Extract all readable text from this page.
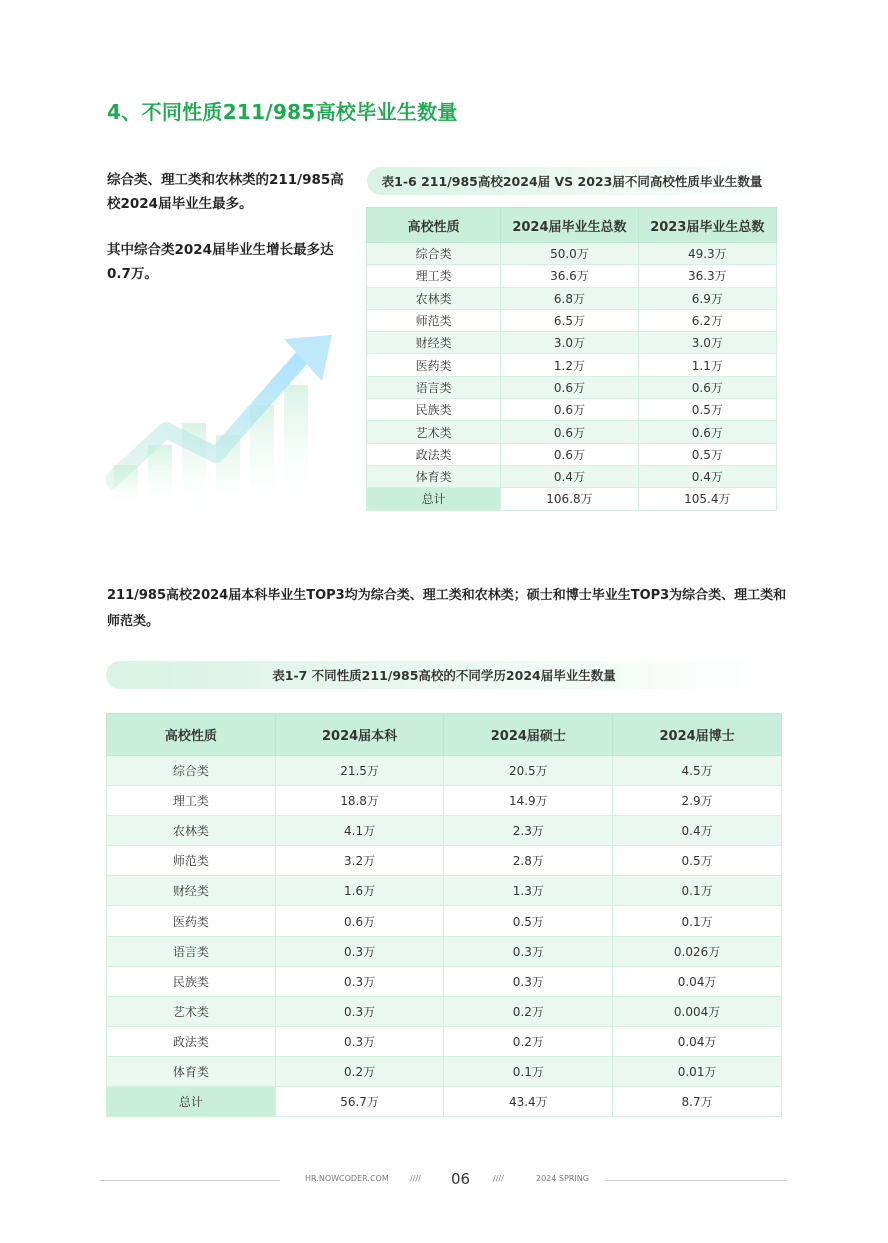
4、不同性质211/985高校毕业生数量

综合类、理工类和农林类的211/985高校2024届毕业生最多。

其中综合类2024届毕业生增长最多达0.7万。

表1-6 211/985高校2024届 VS 2023届不同高校性质毕业生数量
高校性质	2024届毕业生总数	2023届毕业生总数
综合类	50.0万	49.3万
理工类	36.6万	36.3万
农林类	6.8万	6.9万
师范类	6.5万	6.2万
财经类	3.0万	3.0万
医药类	1.2万	1.1万
语言类	0.6万	0.6万
民族类	0.6万	0.5万
艺术类	0.6万	0.6万
政法类	0.6万	0.5万
体育类	0.4万	0.4万
总计	106.8万	105.4万

211/985高校2024届本科毕业生TOP3均为综合类、理工类和农林类；硕士和博士毕业生TOP3为综合类、理工类和师范类。

表1-7 不同性质211/985高校的不同学历2024届毕业生数量
高校性质	2024届本科	2024届硕士	2024届博士
综合类	21.5万	20.5万	4.5万
理工类	18.8万	14.9万	2.9万
农林类	4.1万	2.3万	0.4万
师范类	3.2万	2.8万	0.5万
财经类	1.6万	1.3万	0.1万
医药类	0.6万	0.5万	0.1万
语言类	0.3万	0.3万	0.026万
民族类	0.3万	0.3万	0.04万
艺术类	0.3万	0.2万	0.004万
政法类	0.3万	0.2万	0.04万
体育类	0.2万	0.1万	0.01万
总计	56.7万	43.4万	8.7万
HR.NOWCODER.COM	//// 06	////	2024 SPRING
